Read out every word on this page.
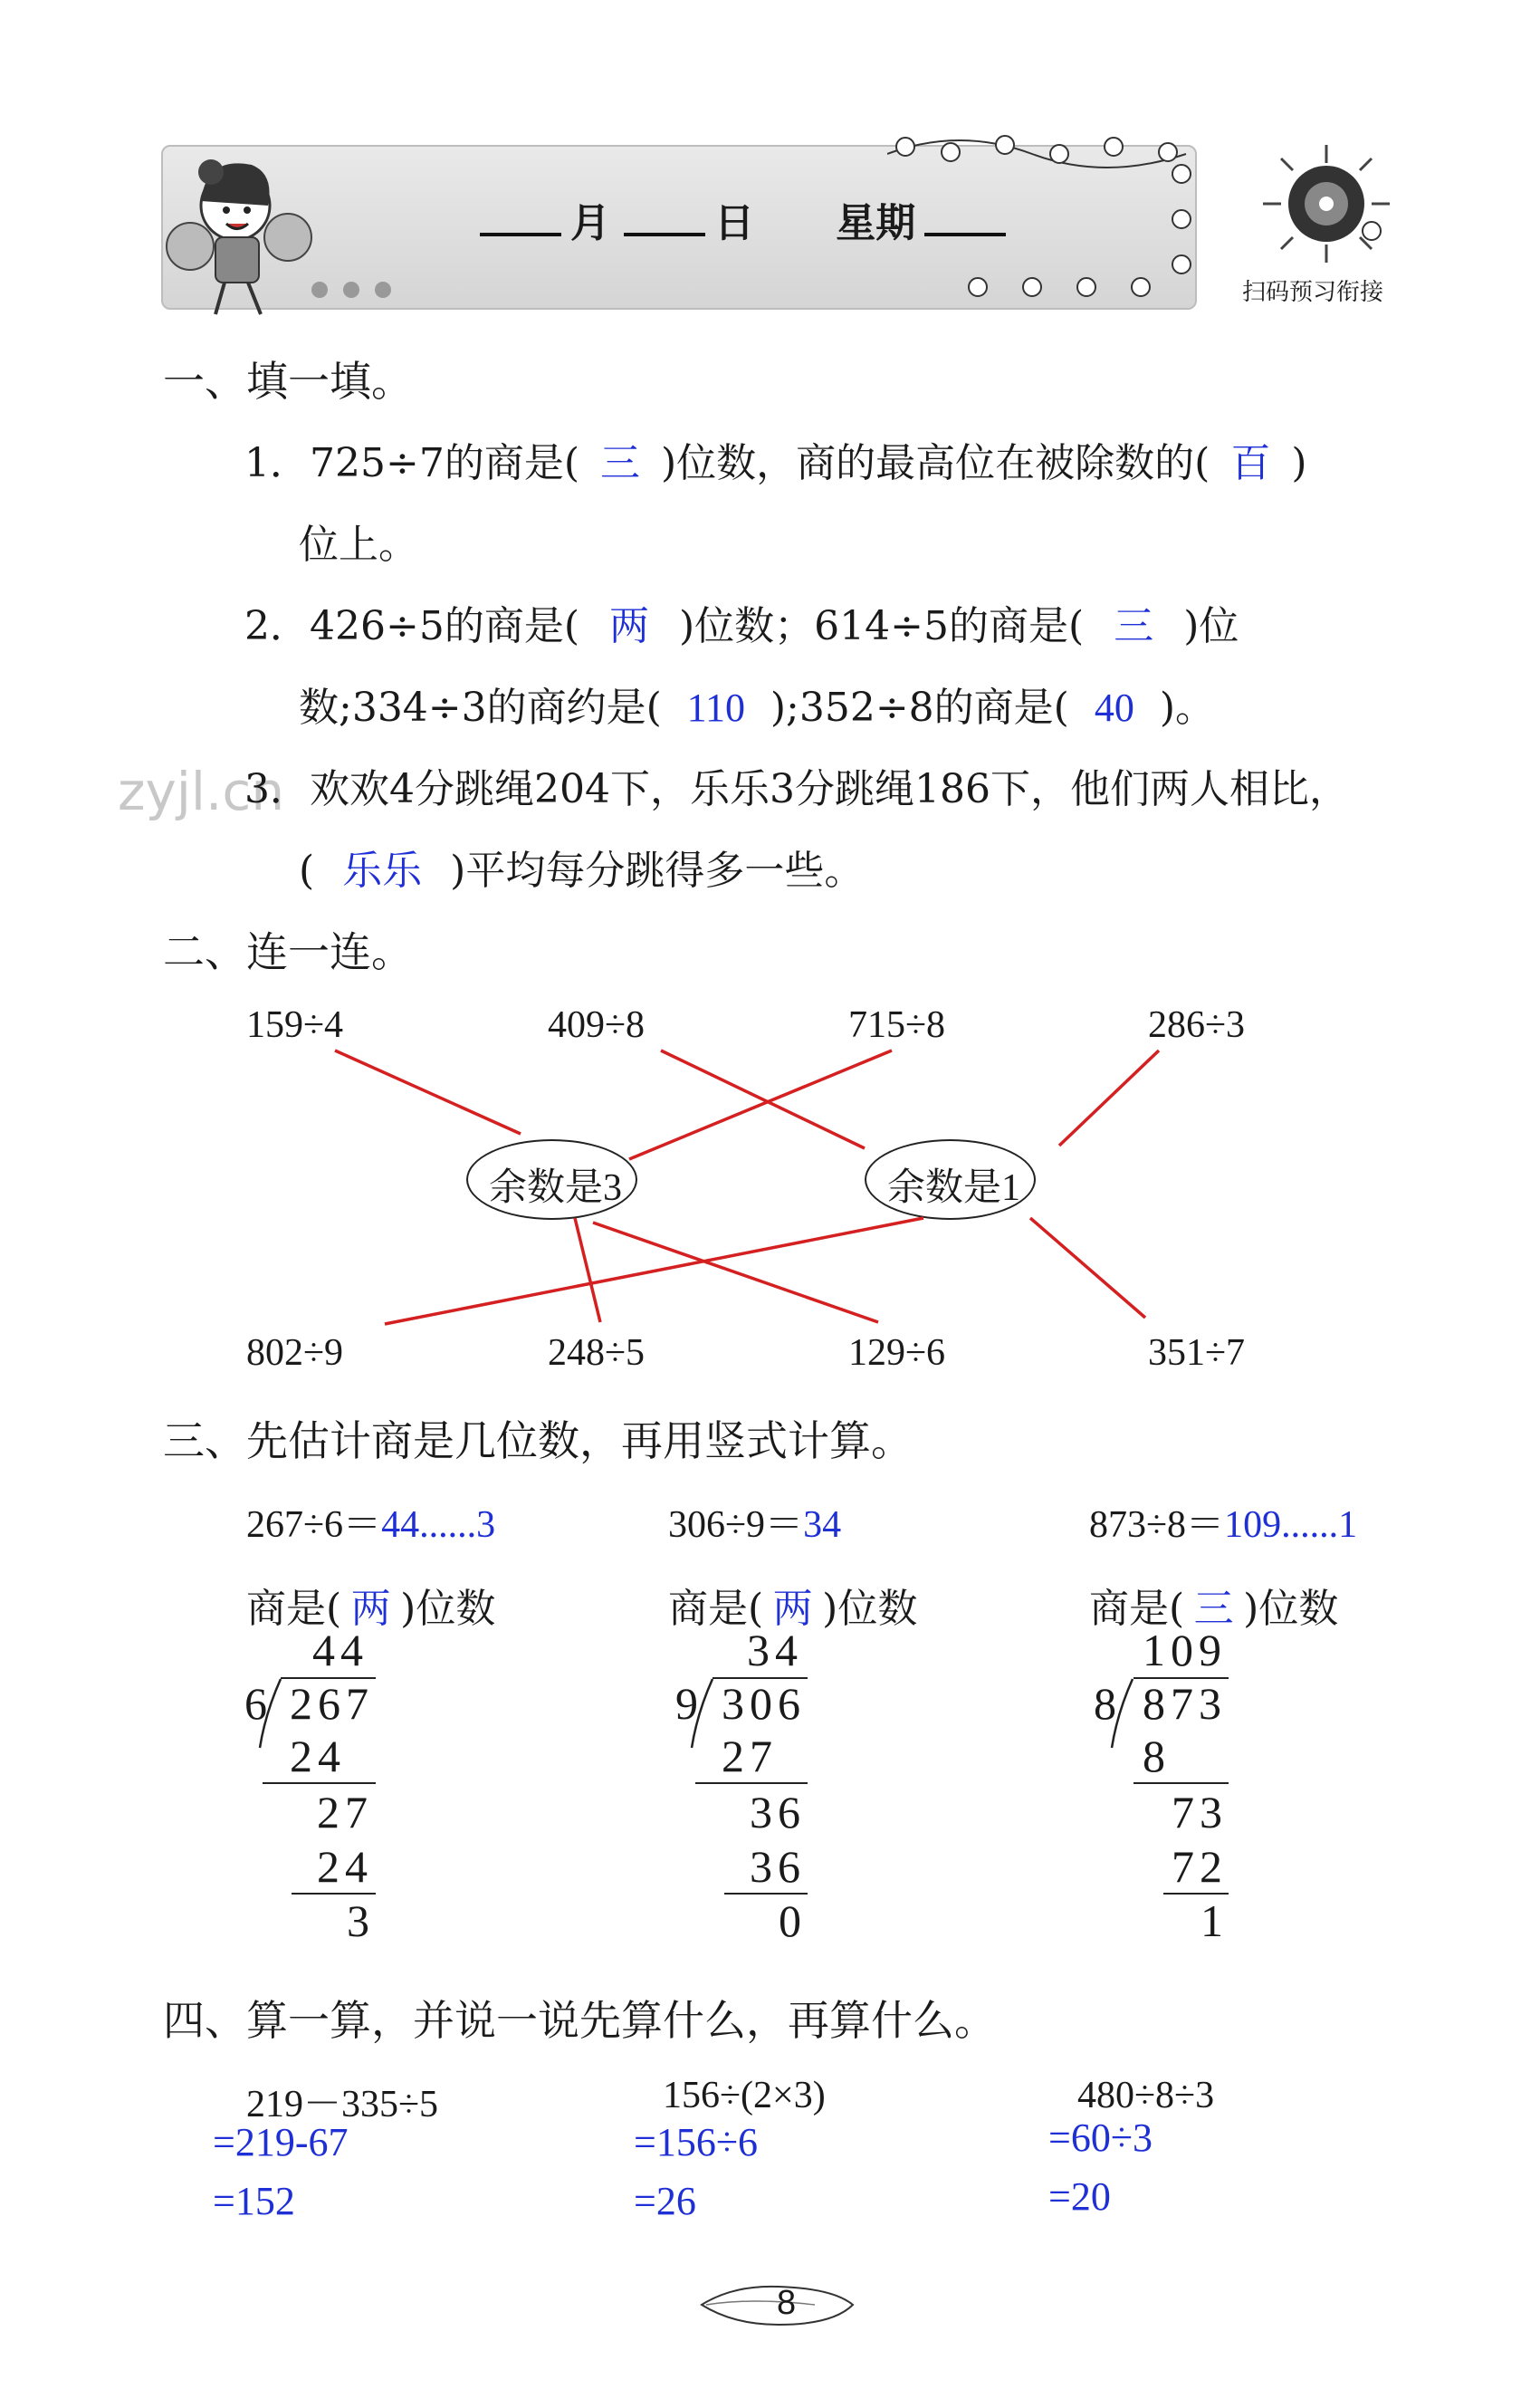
月	日 星期
扫码预习衔接
一、填一填。
1．725÷7的商是( 三 )位数，商的最高位在被除数的( 百 )
位上。
2．426÷5的商是( 两 )位数；614÷5的商是( 三 )位
数;334÷3的商约是( 110 );352÷8的商是( 40 )。
zyjl.cn
3．欢欢4分跳绳204下，乐乐3分跳绳186下，他们两人相比，
( 乐乐 )平均每分跳得多一些。
二、连一连。
159÷4	409÷8	715÷8	286÷3
余数是3	余数是1
802÷9	248÷5	129÷6	351÷7
三、先估计商是几位数，再用竖式计算。
267÷6＝44......3
商是( 两 )位数
44
6 267
24
27
24
3
306÷9＝34
商是( 两 )位数
34
9 306
27
36
36
0
873÷8＝109......1
商是( 三 )位数
109
8 873
8
73
72
1
四、算一算，并说一说先算什么，再算什么。
219－335÷5
=219-67
=152
156÷(2×3)
=156÷6
=26
480÷8÷3
=60÷3
=20
8
